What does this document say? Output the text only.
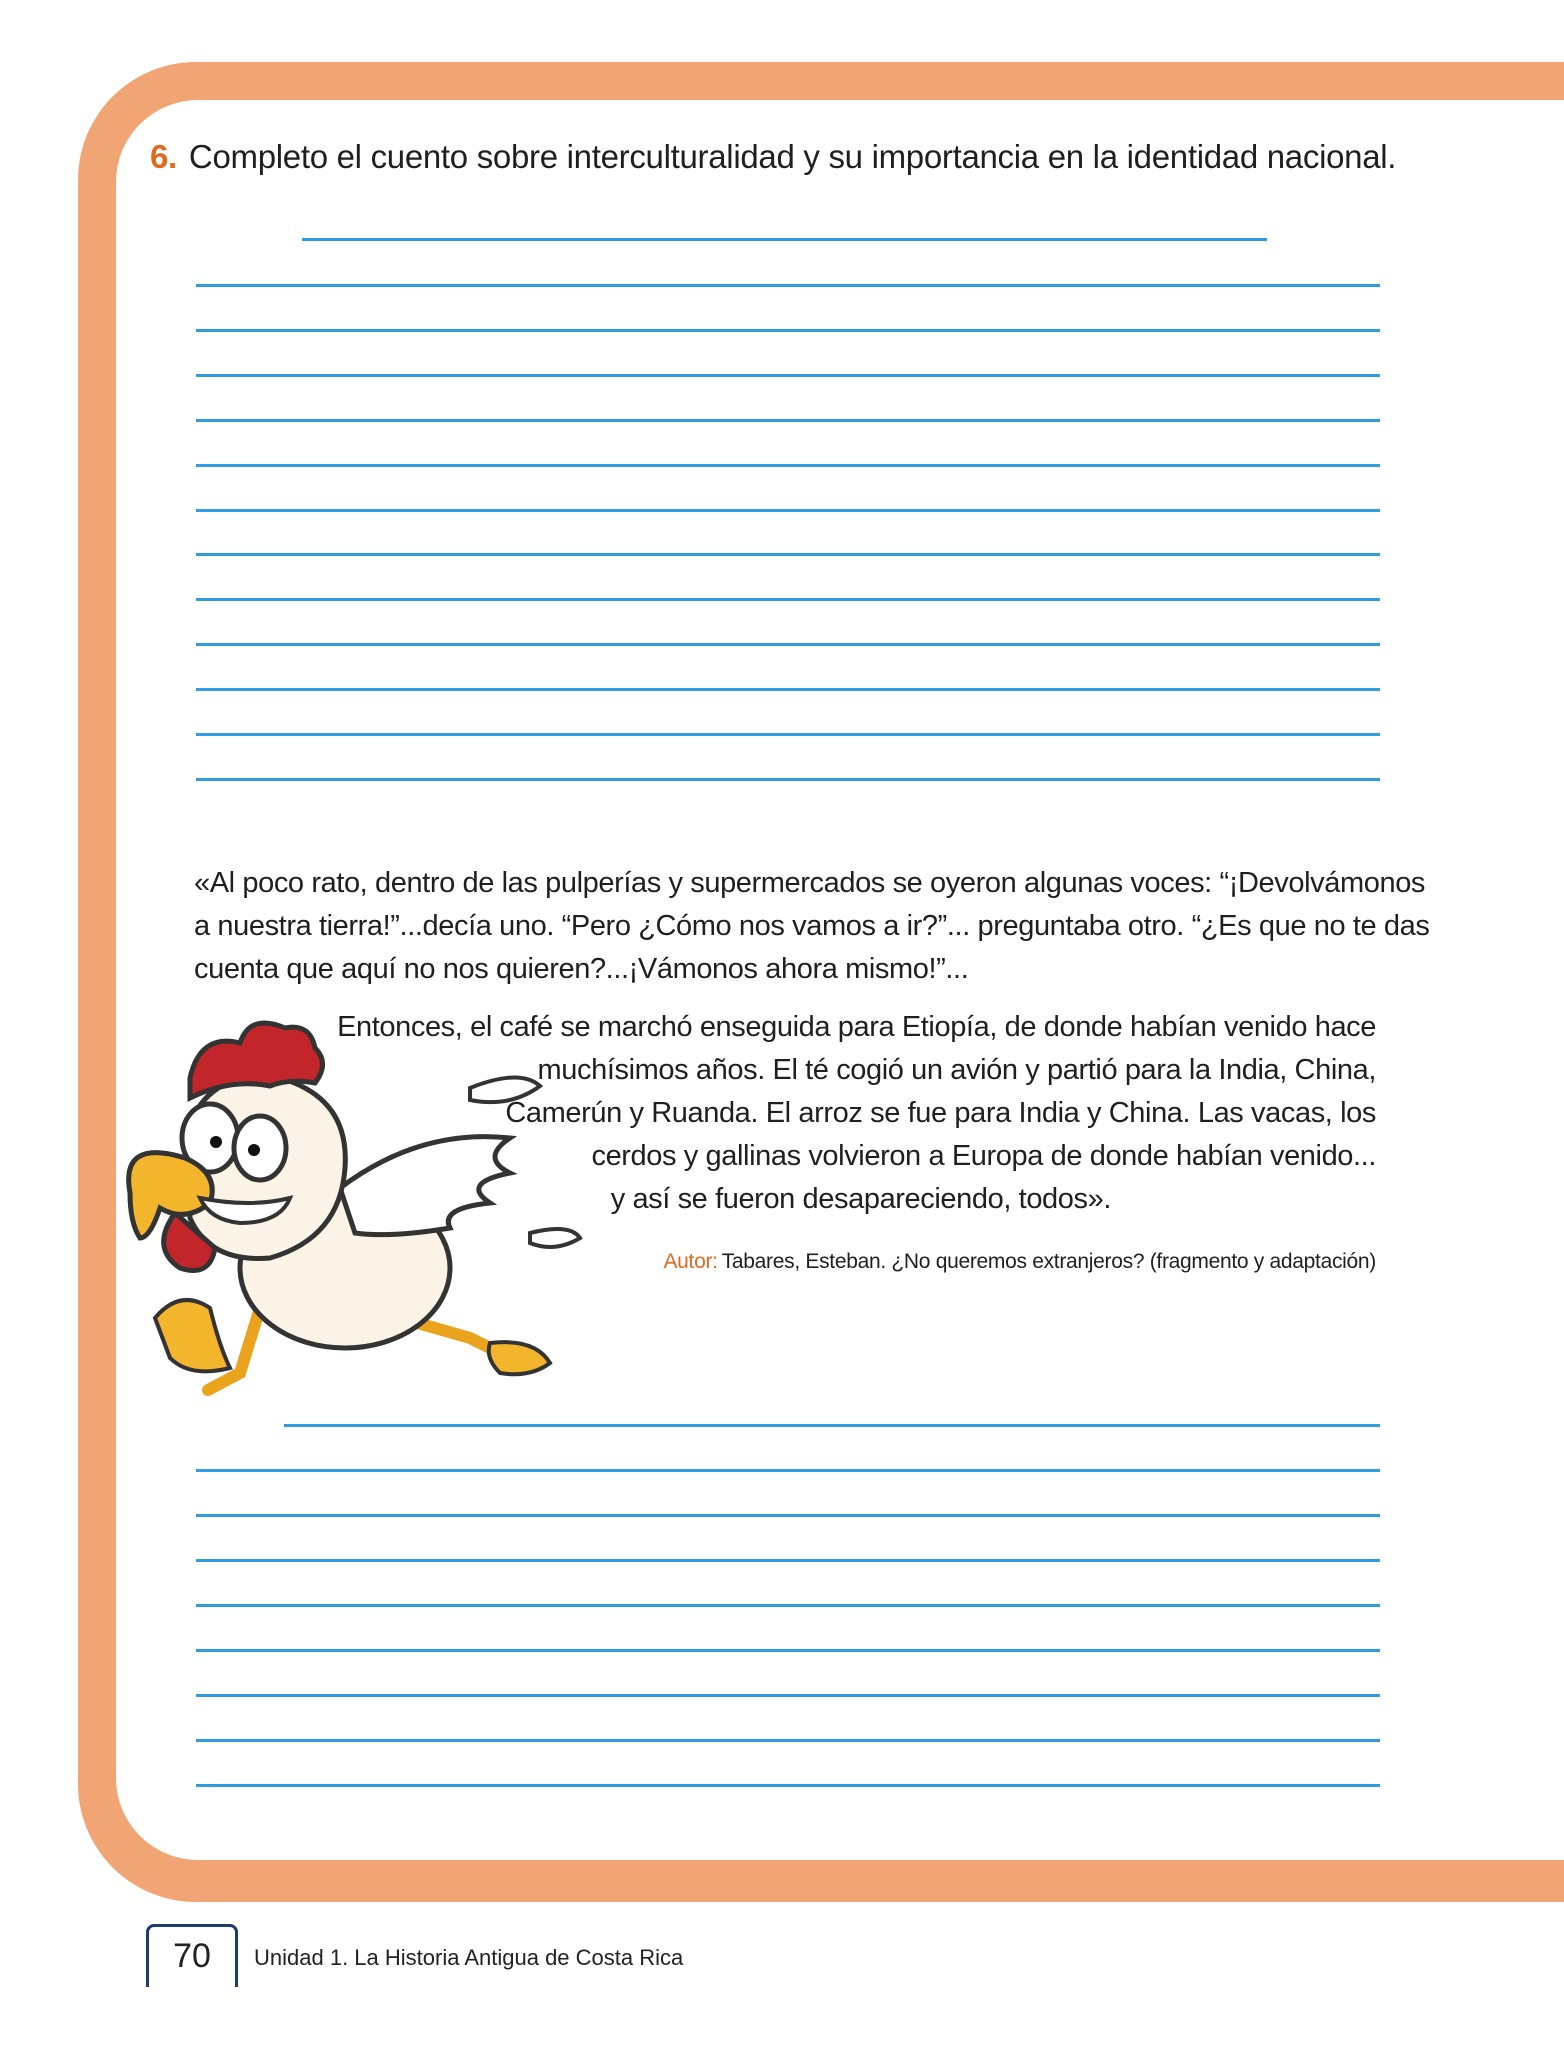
6. Completo el cuento sobre interculturalidad y su importancia en la identidad nacional.
«Al poco rato, dentro de las pulperías y supermercados se oyeron algunas voces: “¡Devolvámonos
a nuestra tierra!”...decía uno. “Pero ¿Cómo nos vamos a ir?”... preguntaba otro. “¿Es que no te das
cuenta que aquí no nos quieren?...¡Vámonos ahora mismo!”...
Entonces, el café se marchó enseguida para Etiopía, de donde habían venido hace
muchísimos años. El té cogió un avión y partió para la India, China,
Camerún y Ruanda. El arroz se fue para India y China. Las vacas, los
cerdos y gallinas volvieron a Europa de donde habían venido...
y así se fueron desapareciendo, todos».
Autor: Tabares, Esteban. ¿No queremos extranjeros? (fragmento y adaptación)
70	Unidad 1. La Historia Antigua de Costa Rica
